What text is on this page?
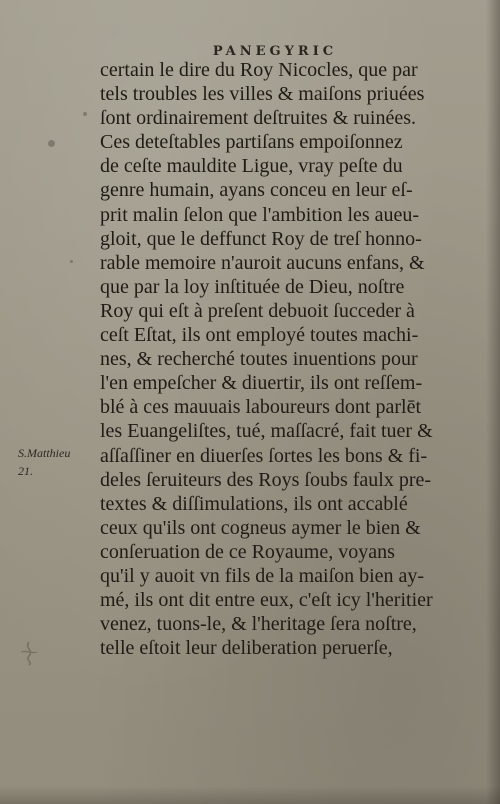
PANEGYRIC
certain le dire du Roy Nicocles, que par
tels troubles les villes & maiſons priuées
ſont ordinairement deſtruites & ruinées.
Ces deteſtables partiſans empoiſonnez
de ceſte mauldite Ligue, vray peſte du
genre humain, ayans conceu en leur eſ-
prit malin ſelon que l'ambition les aueu-
gloit, que le deffunct Roy de treſ honno-
rable memoire n'auroit aucuns enfans, &
que par la loy inſtituée de Dieu, noſtre
Roy qui eſt à preſent debuoit ſucceder à
ceſt Eſtat, ils ont employé toutes machi-
nes, & recherché toutes inuentions pour
l'en empeſcher & diuertir, ils ont reſſem-
blé à ces mauuais laboureurs dont parlēt
les Euangeliſtes, tué, maſſacré, fait tuer &
aſſaſſiner en diuerſes ſortes les bons & fi-
deles ſeruiteurs des Roys ſoubs faulx pre-
textes & diſſimulations, ils ont accablé
ceux qu'ils ont cogneus aymer le bien &
conſeruation de ce Royaume, voyans
qu'il y auoit vn fils de la maiſon bien ay-
mé, ils ont dit entre eux, c'eſt icy l'heritier
venez, tuons-le, & l'heritage ſera noſtre,
telle eſtoit leur deliberation peruerſe,
S.Matthieu
21.
